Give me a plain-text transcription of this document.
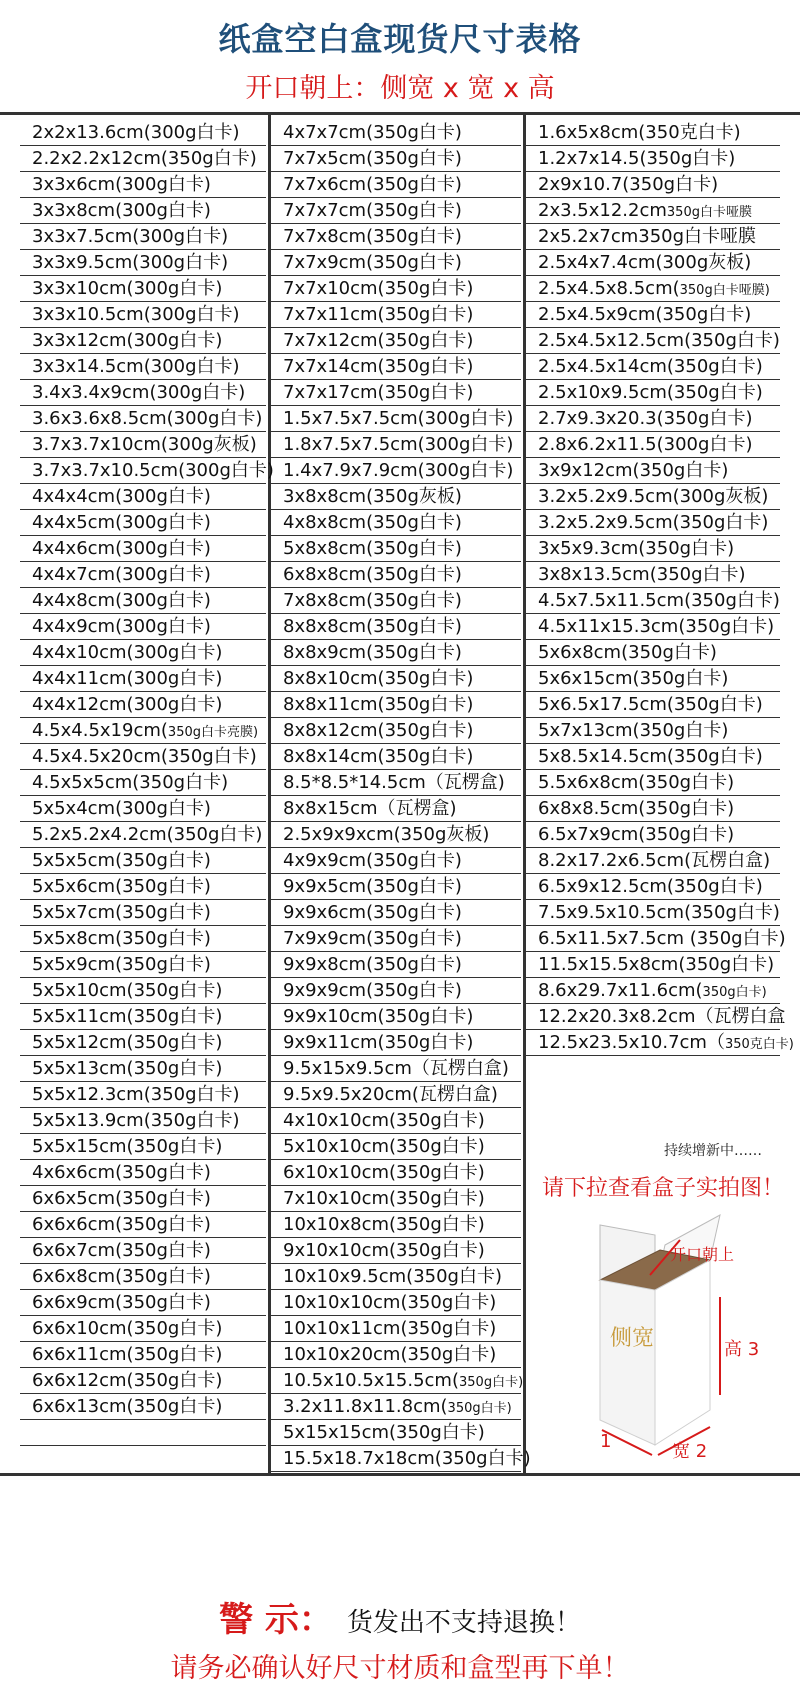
纸盒空白盒现货尺寸表格
开口朝上：侧宽 x 宽 x 高
2x2x13.6cm(300g白卡)
2.2x2.2x12cm(350g白卡)
3x3x6cm(300g白卡)
3x3x8cm(300g白卡)
3x3x7.5cm(300g白卡)
3x3x9.5cm(300g白卡)
3x3x10cm(300g白卡)
3x3x10.5cm(300g白卡)
3x3x12cm(300g白卡)
3x3x14.5cm(300g白卡)
3.4x3.4x9cm(300g白卡)
3.6x3.6x8.5cm(300g白卡)
3.7x3.7x10cm(300g灰板)
3.7x3.7x10.5cm(300g白卡)
4x4x4cm(300g白卡)
4x4x5cm(300g白卡)
4x4x6cm(300g白卡)
4x4x7cm(300g白卡)
4x4x8cm(300g白卡)
4x4x9cm(300g白卡)
4x4x10cm(300g白卡)
4x4x11cm(300g白卡)
4x4x12cm(300g白卡)
4.5x4.5x19cm(350g白卡亮膜)
4.5x4.5x20cm(350g白卡)
4.5x5x5cm(350g白卡)
5x5x4cm(300g白卡)
5.2x5.2x4.2cm(350g白卡)
5x5x5cm(350g白卡)
5x5x6cm(350g白卡)
5x5x7cm(350g白卡)
5x5x8cm(350g白卡)
5x5x9cm(350g白卡)
5x5x10cm(350g白卡)
5x5x11cm(350g白卡)
5x5x12cm(350g白卡)
5x5x13cm(350g白卡)
5x5x12.3cm(350g白卡)
5x5x13.9cm(350g白卡)
5x5x15cm(350g白卡)
4x6x6cm(350g白卡)
6x6x5cm(350g白卡)
6x6x6cm(350g白卡)
6x6x7cm(350g白卡)
6x6x8cm(350g白卡)
6x6x9cm(350g白卡)
6x6x10cm(350g白卡)
6x6x11cm(350g白卡)
6x6x12cm(350g白卡)
6x6x13cm(350g白卡)
4x7x7cm(350g白卡)
7x7x5cm(350g白卡)
7x7x6cm(350g白卡)
7x7x7cm(350g白卡)
7x7x8cm(350g白卡)
7x7x9cm(350g白卡)
7x7x10cm(350g白卡)
7x7x11cm(350g白卡)
7x7x12cm(350g白卡)
7x7x14cm(350g白卡)
7x7x17cm(350g白卡)
1.5x7.5x7.5cm(300g白卡)
1.8x7.5x7.5cm(300g白卡)
1.4x7.9x7.9cm(300g白卡)
3x8x8cm(350g灰板)
4x8x8cm(350g白卡)
5x8x8cm(350g白卡)
6x8x8cm(350g白卡)
7x8x8cm(350g白卡)
8x8x8cm(350g白卡)
8x8x9cm(350g白卡)
8x8x10cm(350g白卡)
8x8x11cm(350g白卡)
8x8x12cm(350g白卡)
8x8x14cm(350g白卡)
8.5*8.5*14.5cm（瓦楞盒)
8x8x15cm（瓦楞盒)
2.5x9x9xcm(350g灰板)
4x9x9cm(350g白卡)
9x9x5cm(350g白卡)
9x9x6cm(350g白卡)
7x9x9cm(350g白卡)
9x9x8cm(350g白卡)
9x9x9cm(350g白卡)
9x9x10cm(350g白卡)
9x9x11cm(350g白卡)
9.5x15x9.5cm（瓦楞白盒)
9.5x9.5x20cm(瓦楞白盒)
4x10x10cm(350g白卡)
5x10x10cm(350g白卡)
6x10x10cm(350g白卡)
7x10x10cm(350g白卡)
10x10x8cm(350g白卡)
9x10x10cm(350g白卡)
10x10x9.5cm(350g白卡)
10x10x10cm(350g白卡)
10x10x11cm(350g白卡)
10x10x20cm(350g白卡)
10.5x10.5x15.5cm(350g白卡)
3.2x11.8x11.8cm(350g白卡)
5x15x15cm(350g白卡)
15.5x18.7x18cm(350g白卡)
1.6x5x8cm(350克白卡)
1.2x7x14.5(350g白卡)
2x9x10.7(350g白卡)
2x3.5x12.2cm350g白卡哑膜
2x5.2x7cm350g白卡哑膜
2.5x4x7.4cm(300g灰板)
2.5x4.5x8.5cm(350g白卡哑膜)
2.5x4.5x9cm(350g白卡)
2.5x4.5x12.5cm(350g白卡)
2.5x4.5x14cm(350g白卡)
2.5x10x9.5cm(350g白卡)
2.7x9.3x20.3(350g白卡)
2.8x6.2x11.5(300g白卡)
3x9x12cm(350g白卡)
3.2x5.2x9.5cm(300g灰板)
3.2x5.2x9.5cm(350g白卡)
3x5x9.3cm(350g白卡)
3x8x13.5cm(350g白卡)
4.5x7.5x11.5cm(350g白卡)
4.5x11x15.3cm(350g白卡)
5x6x8cm(350g白卡)
5x6x15cm(350g白卡)
5x6.5x17.5cm(350g白卡)
5x7x13cm(350g白卡)
5x8.5x14.5cm(350g白卡)
5.5x6x8cm(350g白卡)
6x8x8.5cm(350g白卡)
6.5x7x9cm(350g白卡)
8.2x17.2x6.5cm(瓦楞白盒)
6.5x9x12.5cm(350g白卡)
7.5x9.5x10.5cm(350g白卡)
6.5x11.5x7.5cm (350g白卡)
11.5x15.5x8cm(350g白卡)
8.6x29.7x11.6cm(350g白卡)
12.2x20.3x8.2cm（瓦楞白盒
12.5x23.5x10.7cm（350克白卡)
持续增新中……
请下拉查看盒子实拍图！
开口朝上
侧宽	高 3
宽 2
1
警 示： 货发出不支持退换！
请务必确认好尺寸材质和盒型再下单！
